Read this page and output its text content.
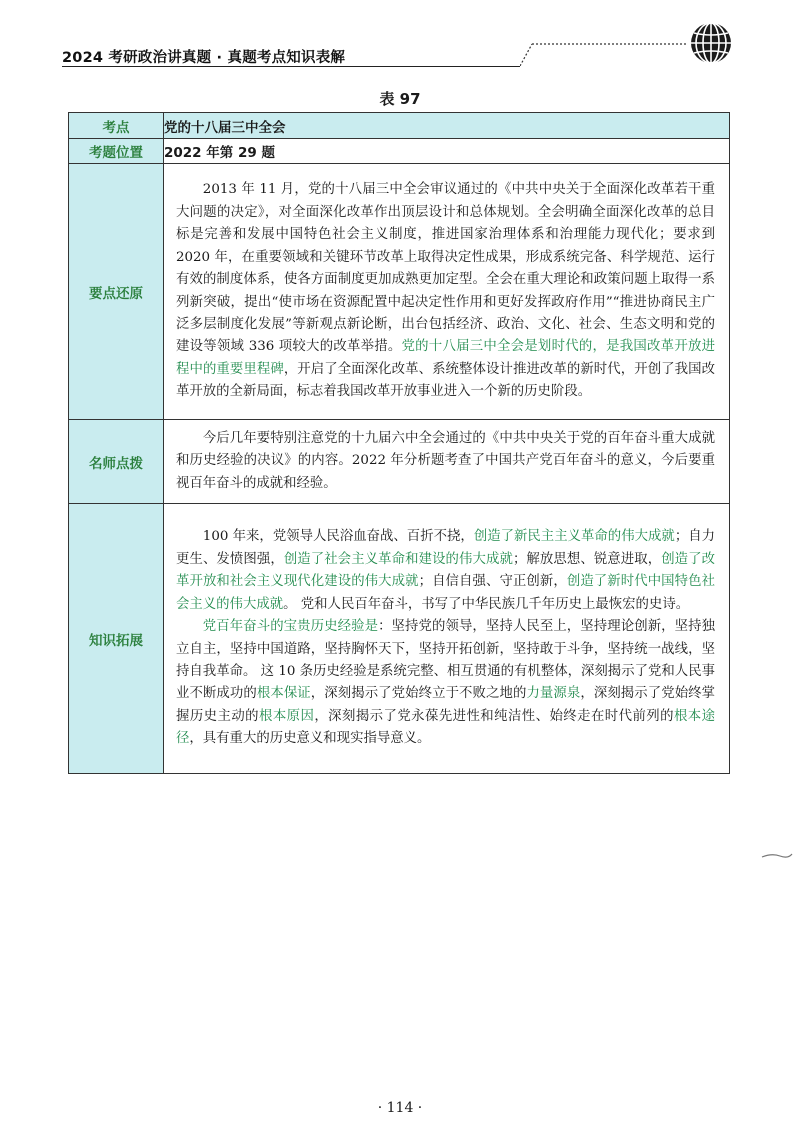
2024 考研政治讲真题 · 真题考点知识表解
表 97
考点	党的十八届三中全会
考题位置	2022 年第 29 题
要点还原	2013 年 11 月，党的十八届三中全会审议通过的《中共中央关于全面深化改革若干重大问题的决定》，对全面深化改革作出顶层设计和总体规划。全会明确全面深化改革的总目标是完善和发展中国特色社会主义制度，推进国家治理体系和治理能力现代化；要求到 2020 年，在重要领域和关键环节改革上取得决定性成果，形成系统完备、科学规范、运行有效的制度体系，使各方面制度更加成熟更加定型。全会在重大理论和政策问题上取得一系列新突破，提出“使市场在资源配置中起决定性作用和更好发挥政府作用”“推进协商民主广泛多层制度化发展”等新观点新论断，出台包括经济、政治、文化、社会、生态文明和党的建设等领域 336 项较大的改革举措。党的十八届三中全会是划时代的，是我国改革开放进程中的重要里程碑，开启了全面深化改革、系统整体设计推进改革的新时代，开创了我国改革开放的全新局面，标志着我国改革开放事业进入一个新的历史阶段。

名师点拨	今后几年要特别注意党的十九届六中全会通过的《中共中央关于党的百年奋斗重大成就和历史经验的决议》的内容。2022 年分析题考查了中国共产党百年奋斗的意义，今后要重视百年奋斗的成就和经验。

知识拓展	100 年来，党领导人民浴血奋战、百折不挠，创造了新民主主义革命的伟大成就；自力更生、发愤图强，创造了社会主义革命和建设的伟大成就；解放思想、锐意进取，创造了改革开放和社会主义现代化建设的伟大成就；自信自强、守正创新，创造了新时代中国特色社会主义的伟大成就。 党和人民百年奋斗，书写了中华民族几千年历史上最恢宏的史诗。

党百年奋斗的宝贵历史经验是：坚持党的领导，坚持人民至上，坚持理论创新，坚持独立自主，坚持中国道路，坚持胸怀天下，坚持开拓创新，坚持敢于斗争，坚持统一战线，坚持自我革命。 这 10 条历史经验是系统完整、相互贯通的有机整体，深刻揭示了党和人民事业不断成功的根本保证，深刻揭示了党始终立于不败之地的力量源泉，深刻揭示了党始终掌握历史主动的根本原因，深刻揭示了党永葆先进性和纯洁性、始终走在时代前列的根本途径，具有重大的历史意义和现实指导意义。

· 114 ·
